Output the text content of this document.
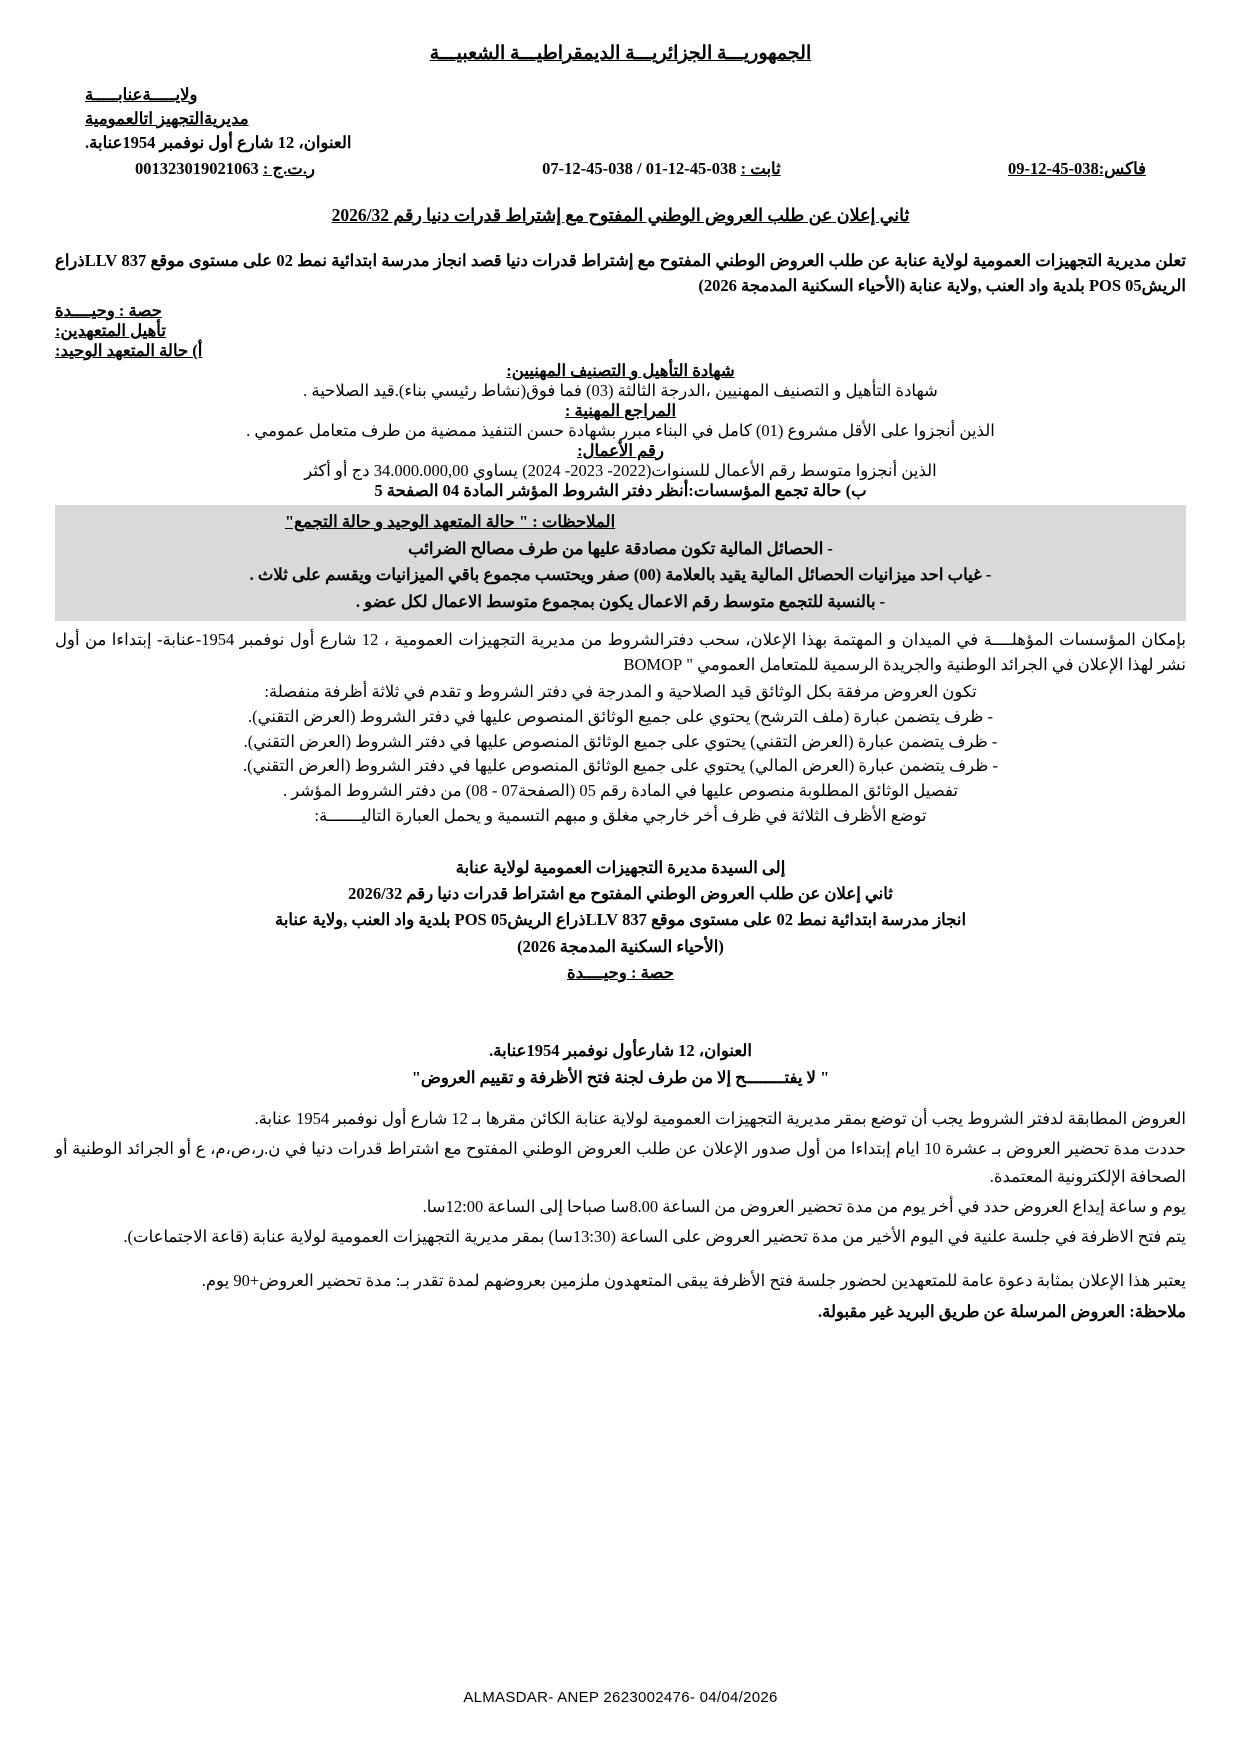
الجمهوريـــة الجزائريـــة الديمقراطيـــة الشعبيـــة
ولايـــــةعنابـــــة
مديريةالتجهيز اتالعمومية
العنوان، 12 شارع أول نوفمبر 1954عنابة.
ر.ت.ج : 001323019021063	ثابت : 038-45-12-01 / 038-45-12-07	فاكس:038-45-12-09
ثاني إعلان عن طلب العروض الوطني المفتوح مع إشتراط قدرات دنيا رقم 2026/32

تعلن مديرية التجهيزات العمومية لولاية عنابة عن طلب العروض الوطني المفتوح مع إشتراط قدرات دنيا قصد انجاز مدرسة ابتدائية نمط 02 على مستوى موقع 837 LLVذراع الريشPOS 05 بلدية واد العنب ,ولاية عنابة (الأحياء السكنية المدمجة 2026)

حصة : وحيــــدة

تأهيل المتعهدين:

أ) حالة المتعهد الوحيد:

شهادة التأهيل و التصنيف المهنيين:

شهادة التأهيل و التصنيف المهنيين ،الدرجة الثالثة (03) فما فوق(نشاط رئيسي بناء).قيد الصلاحية .

المراجع المهنية :

الذين أنجزوا على الأقل مشروع (01) كامل في البناء مبرر بشهادة حسن التنفيذ ممضية من طرف متعامل عمومي .

رقم الأعمال:

الذين أنجزوا متوسط رقم الأعمال للسنوات(2022- 2023- 2024) يساوي 34.000.000,00 دج أو أكثر

ب) حالة تجمع المؤسسات:أنظر دفتر الشروط المؤشر المادة 04 الصفحة 5

الملاحظات : " حالة المتعهد الوحيد و حالة التجمع"

- الحصائل المالية تكون مصادقة عليها من طرف مصالح الضرائب

- غياب احد ميزانيات الحصائل المالية يقيد بالعلامة (00) صفر ويحتسب مجموع باقي الميزانيات ويقسم على ثلاث .

- بالنسبة للتجمع متوسط رقم الاعمال يكون بمجموع متوسط الاعمال لكل عضو .

بإمكان المؤسسات المؤهلــــة في الميدان و المهتمة بهذا الإعلان، سحب دفترالشروط من مديرية التجهيزات العمومية ، 12 شارع أول نوفمبر 1954-عنابة- إبتداءا من أول نشر لهذا الإعلان في الجرائد الوطنية والجريدة الرسمية للمتعامل العمومي " BOMOP

تكون العروض مرفقة بكل الوثائق قيد الصلاحية و المدرجة في دفتر الشروط و تقدم في ثلاثة أظرفة منفصلة:

- ظرف يتضمن عبارة (ملف الترشح) يحتوي على جميع الوثائق المنصوص عليها في دفتر الشروط (العرض التقني).

- ظرف يتضمن عبارة (العرض التقني) يحتوي على جميع الوثائق المنصوص عليها في دفتر الشروط (العرض التقني).

- ظرف يتضمن عبارة (العرض المالي) يحتوي على جميع الوثائق المنصوص عليها في دفتر الشروط (العرض التقني).

تفصيل الوثائق المطلوبة منصوص عليها في المادة رقم 05 (الصفحة07 - 08) من دفتر الشروط المؤشر .

توضع الأظرف الثلاثة في ظرف أخر خارجي مغلق و مبهم التسمية و يحمل العبارة التاليـــــــة:

إلى السيدة مديرة التجهيزات العمومية لولاية عنابة

ثاني إعلان عن طلب العروض الوطني المفتوح مع اشتراط قدرات دنيا رقم 2026/32

انجاز مدرسة ابتدائية نمط 02 على مستوى موقع 837 LLVذراع الريشPOS 05 بلدية واد العنب ,ولاية عنابة

(الأحياء السكنية المدمجة 2026)

حصة : وحيــــدة

العنوان، 12 شارعأول نوفمبر 1954عنابة.

" لا يفتــــــــح إلا من طرف لجنة فتح الأظرفة و تقييم العروض"

العروض المطابقة لدفتر الشروط يجب أن توضع بمقر مديرية التجهيزات العمومية لولاية عنابة الكائن مقرها بـ 12 شارع أول نوفمبر 1954 عنابة.

حددت مدة تحضير العروض بـ عشرة 10 ايام إبتداءا من أول صدور الإعلان عن طلب العروض الوطني المفتوح مع اشتراط قدرات دنيا في ن.ر،ص،م، ع أو الجرائد الوطنية أو الصحافة الإلكترونية المعتمدة.

يوم و ساعة إيداع العروض حدد في أخر يوم من مدة تحضير العروض من الساعة 8.00سا صباحا إلى الساعة 12:00سا.

يتم فتح الاظرفة في جلسة علنية في اليوم الأخير من مدة تحضير العروض على الساعة (13:30سا) بمقر مديرية التجهيزات العمومية لولاية عنابة (قاعة الاجتماعات).

يعتبر هذا الإعلان بمثابة دعوة عامة للمتعهدين لحضور جلسة فتح الأظرفة يبقى المتعهدون ملزمين بعروضهم لمدة تقدر بـ: مدة تحضير العروض+90 يوم.

ملاحظة: العروض المرسلة عن طريق البريد غير مقبولة.

ALMASDAR- ANEP 2623002476- 04/04/2026
